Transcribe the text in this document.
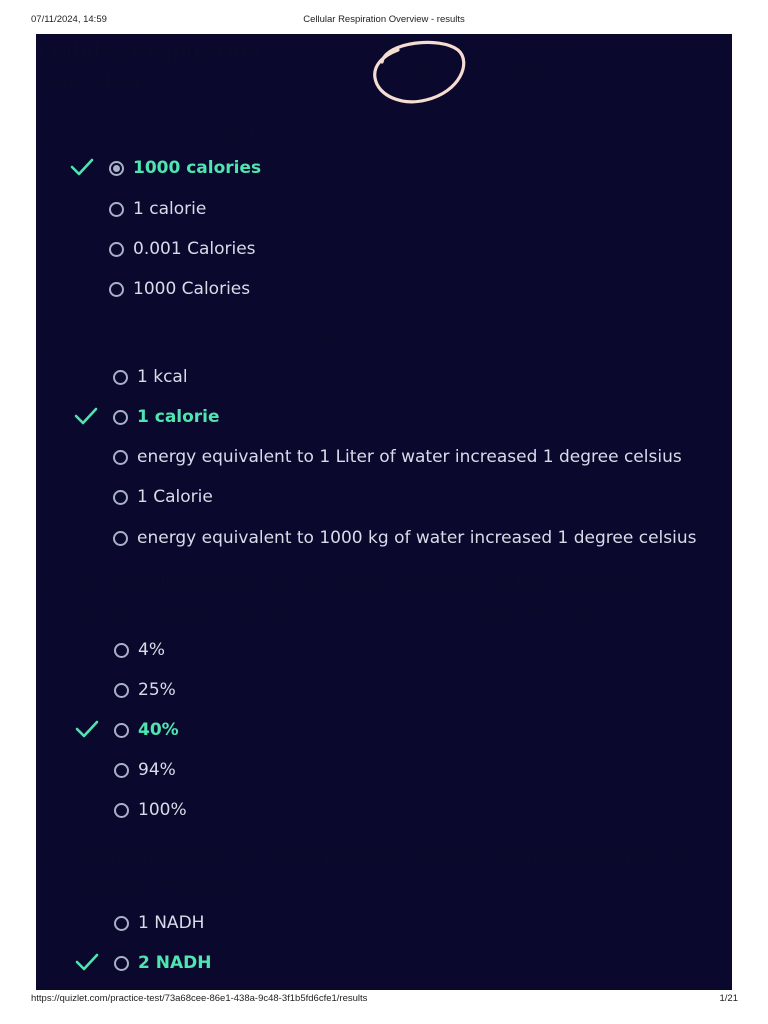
07/11/2024, 14:59	Cellular Respiration Overview - results
Cellular Respiration Overview
1%
Taken by	Sino_N22
Score	1 / 77
1. One kilocalorie is equal to
1000 calories
1 calorie
0.001 Calories
1000 Calories
2. 1 kilocalorie is all of the following except
1 kcal
1 calorie
energy equivalent to 1 Liter of water increased 1 degree celsius
1 Calorie
energy equivalent to 1000 kg of water increased 1 degree celsius
3. The overall efficiency rate of cellular respiration, or the amount of glucose's potential energy extracted as ATP, is approximately
4%
25%
40%
94%
100%
4. During glycolysis, how many molecules of NADH are generated from one molecule of glucose?
1 NADH
2 NADH
https://quizlet.com/practice-test/73a68cee-86e1-438a-9c48-3f1b5fd6cfe1/results	1/21
